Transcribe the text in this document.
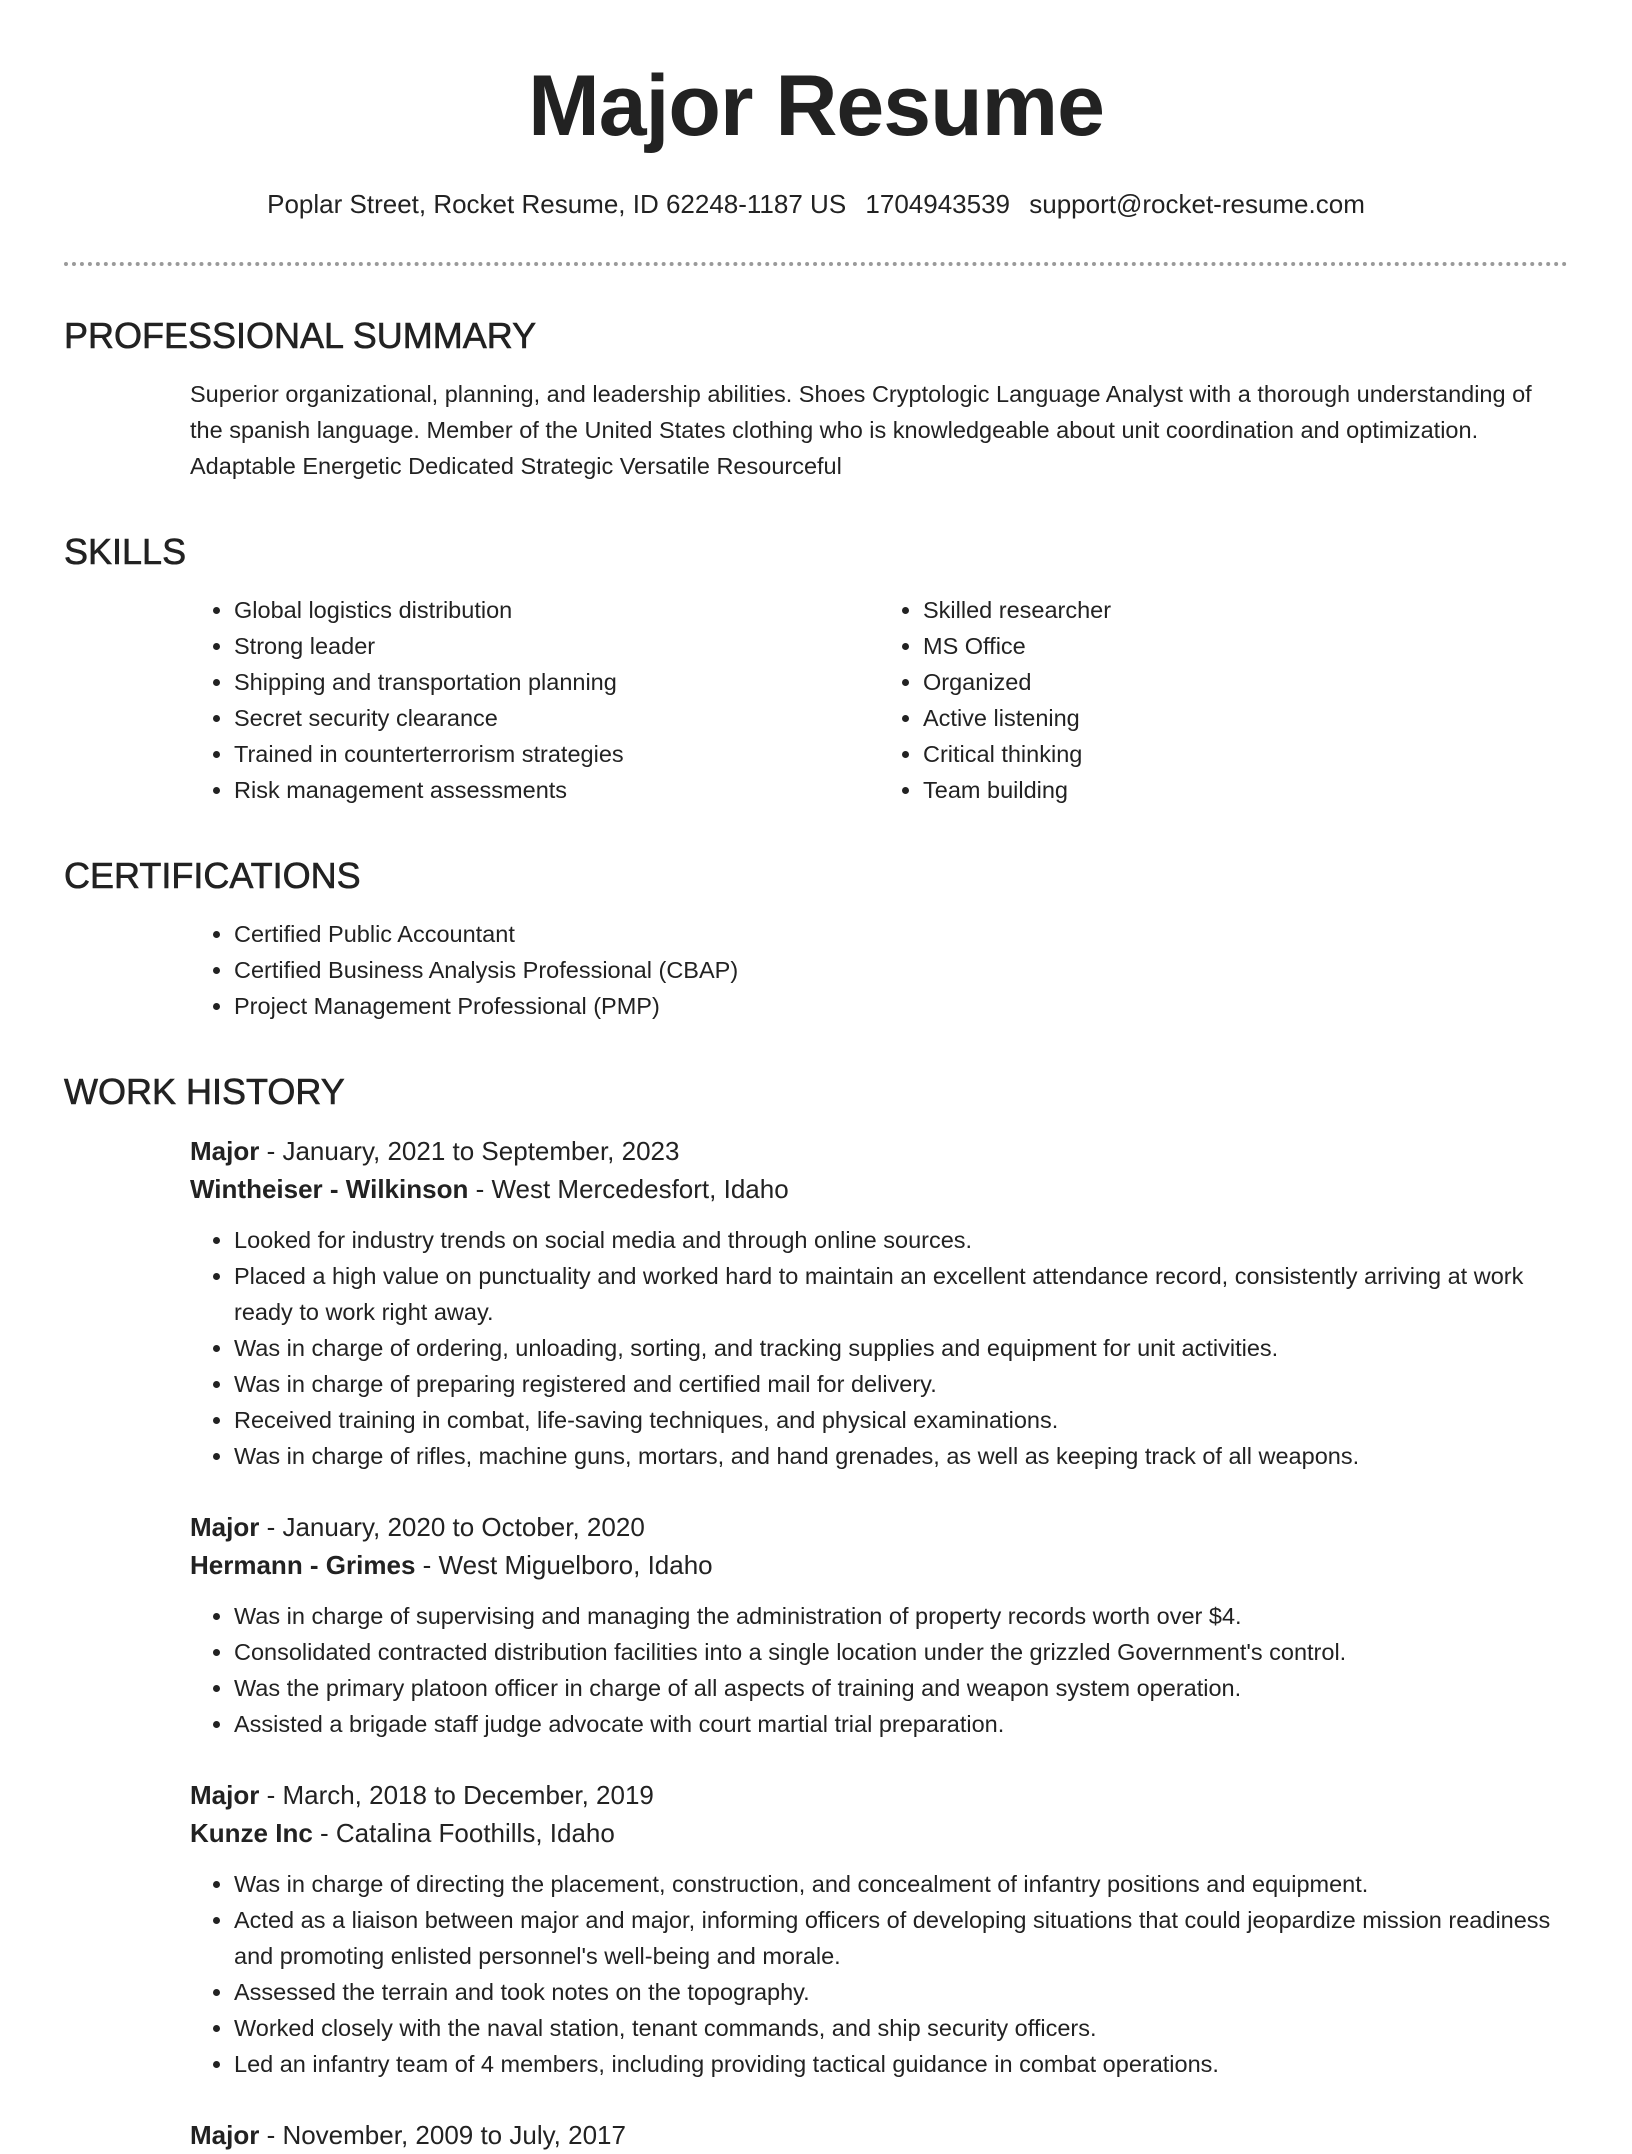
Major Resume
Poplar Street, Rocket Resume, ID 62248-1187 US 1704943539 support@rocket-resume.com
PROFESSIONAL SUMMARY
Superior organizational, planning, and leadership abilities. Shoes Cryptologic Language Analyst with a thorough understanding of the spanish language. Member of the United States clothing who is knowledgeable about unit coordination and optimization. Adaptable Energetic Dedicated Strategic Versatile Resourceful
SKILLS
• Global logistics distribution
• Strong leader
• Shipping and transportation planning
• Secret security clearance
• Trained in counterterrorism strategies
• Risk management assessments
• Skilled researcher
• MS Office
• Organized
• Active listening
• Critical thinking
• Team building
CERTIFICATIONS
• Certified Public Accountant
• Certified Business Analysis Professional (CBAP)
• Project Management Professional (PMP)
WORK HISTORY
Major - January, 2021 to September, 2023
Wintheiser - Wilkinson - West Mercedesfort, Idaho
• Looked for industry trends on social media and through online sources.
• Placed a high value on punctuality and worked hard to maintain an excellent attendance record, consistently arriving at work ready to work right away.
• Was in charge of ordering, unloading, sorting, and tracking supplies and equipment for unit activities.
• Was in charge of preparing registered and certified mail for delivery.
• Received training in combat, life-saving techniques, and physical examinations.
• Was in charge of rifles, machine guns, mortars, and hand grenades, as well as keeping track of all weapons.
Major - January, 2020 to October, 2020
Hermann - Grimes - West Miguelboro, Idaho
• Was in charge of supervising and managing the administration of property records worth over $4.
• Consolidated contracted distribution facilities into a single location under the grizzled Government's control.
• Was the primary platoon officer in charge of all aspects of training and weapon system operation.
• Assisted a brigade staff judge advocate with court martial trial preparation.
Major - March, 2018 to December, 2019
Kunze Inc - Catalina Foothills, Idaho
• Was in charge of directing the placement, construction, and concealment of infantry positions and equipment.
• Acted as a liaison between major and major, informing officers of developing situations that could jeopardize mission readiness and promoting enlisted personnel's well-being and morale.
• Assessed the terrain and took notes on the topography.
• Worked closely with the naval station, tenant commands, and ship security officers.
• Led an infantry team of 4 members, including providing tactical guidance in combat operations.
Major - November, 2009 to July, 2017
